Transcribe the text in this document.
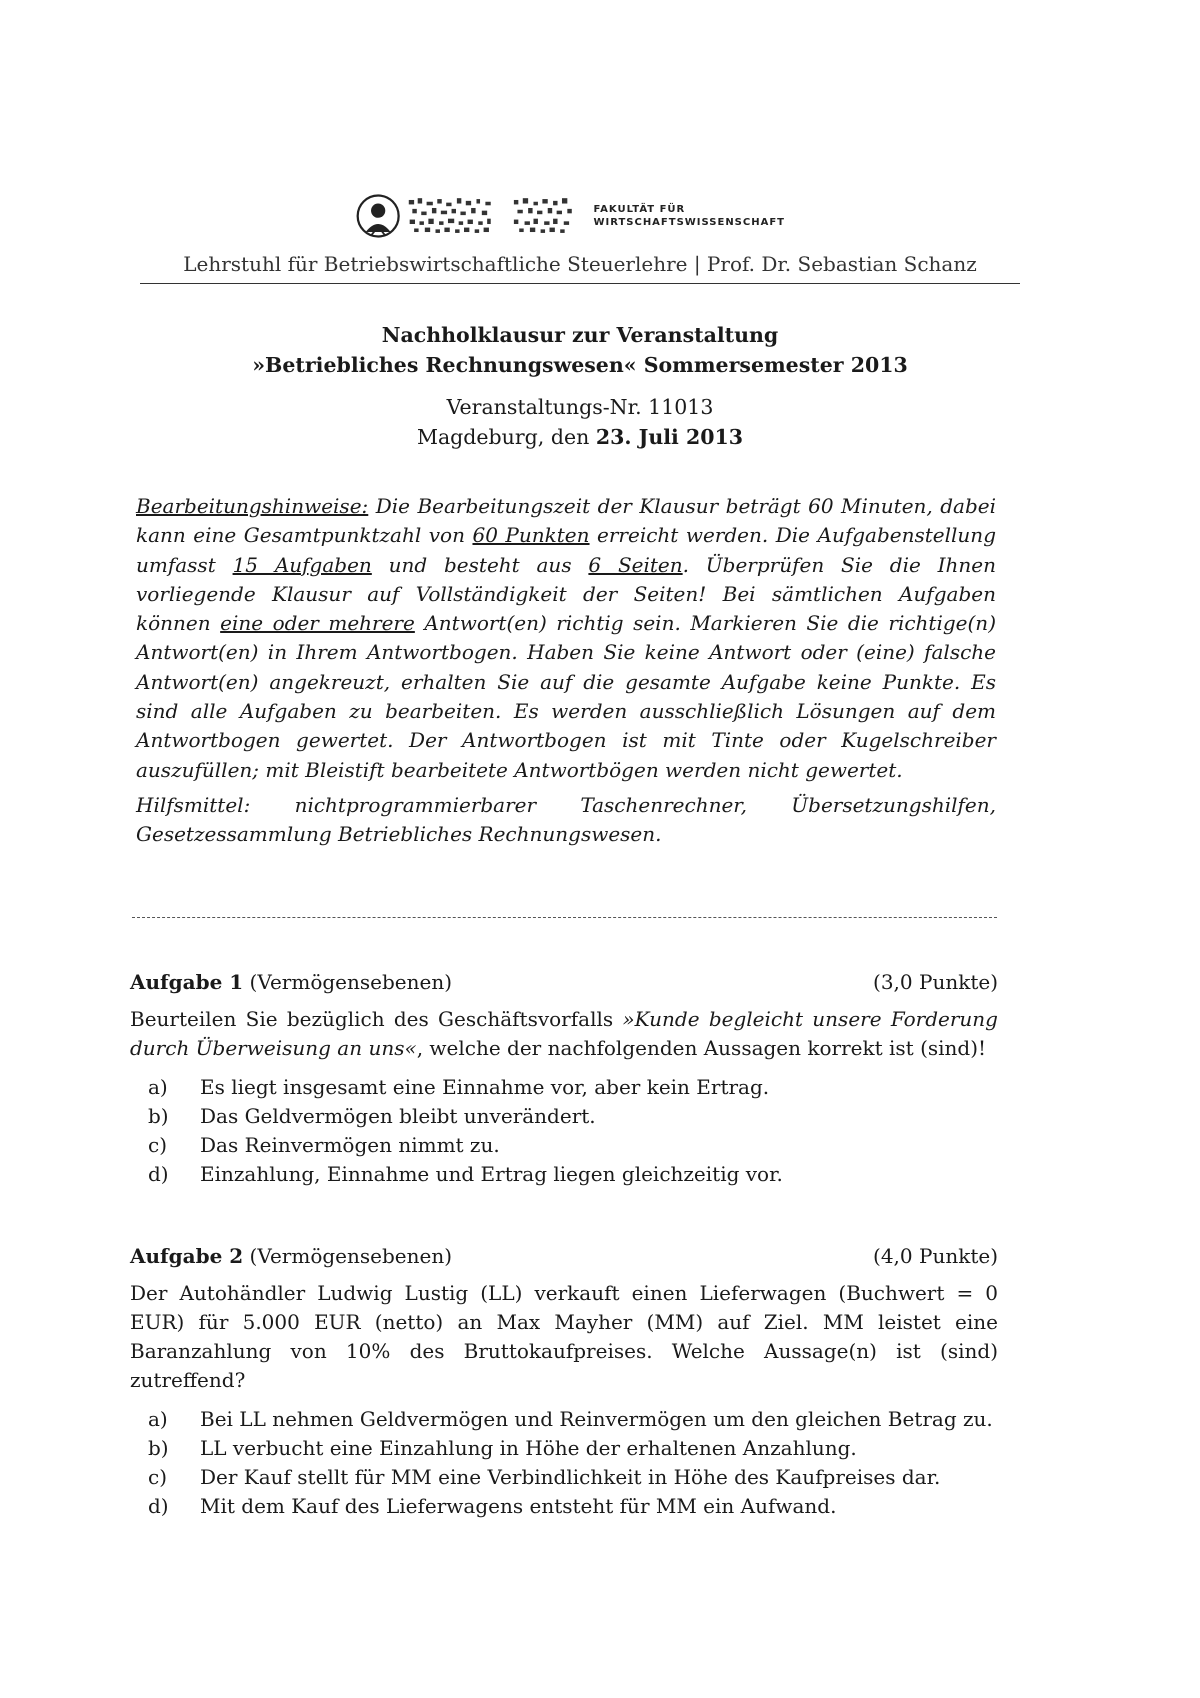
FAKULTÄT FÜR
WIRTSCHAFTSWISSENSCHAFT
Lehrstuhl für Betriebswirtschaftliche Steuerlehre | Prof. Dr. Sebastian Schanz
Nachholklausur zur Veranstaltung
»Betriebliches Rechnungswesen« Sommersemester 2013
Veranstaltungs-Nr. 11013
Magdeburg, den 23. Juli 2013

Bearbeitungshinweise: Die Bearbeitungszeit der Klausur beträgt 60 Minuten, dabei kann eine Gesamtpunktzahl von 60 Punkten erreicht werden. Die Aufgabenstellung umfasst 15 Aufgaben und besteht aus 6 Seiten. Überprüfen Sie die Ihnen vorliegende Klausur auf Vollständigkeit der Seiten! Bei sämtlichen Aufgaben können eine oder mehrere Antwort(en) richtig sein. Markieren Sie die richtige(n) Antwort(en) in Ihrem Antwortbogen. Haben Sie keine Antwort oder (eine) falsche Antwort(en) angekreuzt, erhalten Sie auf die gesamte Aufgabe keine Punkte. Es sind alle Aufgaben zu bearbeiten. Es werden ausschließlich Lösungen auf dem Antwortbogen gewertet. Der Antwortbogen ist mit Tinte oder Kugelschreiber auszufüllen; mit Bleistift bearbeitete Antwortbögen werden nicht gewertet.

Hilfsmittel: nichtprogrammierbarer Taschenrechner, Übersetzungshilfen, Gesetzessammlung Betriebliches Rechnungswesen.

Aufgabe 1 (Vermögensebenen)	(3,0 Punkte)
Beurteilen Sie bezüglich des Geschäftsvorfalls »Kunde begleicht unsere Forderung durch Überweisung an uns«, welche der nachfolgenden Aussagen korrekt ist (sind)!
a)	Es liegt insgesamt eine Einnahme vor, aber kein Ertrag.
b)	Das Geldvermögen bleibt unverändert.
c)	Das Reinvermögen nimmt zu.
d)	Einzahlung, Einnahme und Ertrag liegen gleichzeitig vor.
Aufgabe 2 (Vermögensebenen)	(4,0 Punkte)
Der Autohändler Ludwig Lustig (LL) verkauft einen Lieferwagen (Buchwert = 0 EUR) für 5.000 EUR (netto) an Max Mayher (MM) auf Ziel. MM leistet eine Baranzahlung von 10% des Bruttokaufpreises. Welche Aussage(n) ist (sind) zutreffend?
a)	Bei LL nehmen Geldvermögen und Reinvermögen um den gleichen Betrag zu.
b)	LL verbucht eine Einzahlung in Höhe der erhaltenen Anzahlung.
c)	Der Kauf stellt für MM eine Verbindlichkeit in Höhe des Kaufpreises dar.
d)	Mit dem Kauf des Lieferwagens entsteht für MM ein Aufwand.
